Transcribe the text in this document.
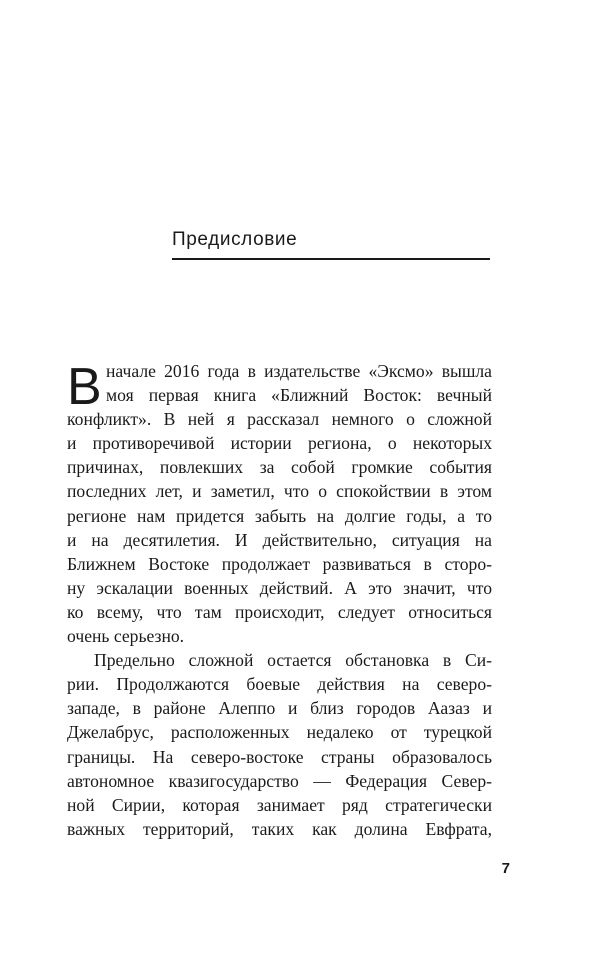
Предисловие
В начале 2016 года в издательстве «Эксмо» вышла
моя первая книга «Ближний Восток: вечный
конфликт». В ней я рассказал немного о сложной
и противоречивой истории региона, о некоторых
причинах, повлекших за собой громкие события
последних лет, и заметил, что о спокойствии в этом
регионе нам придется забыть на долгие годы, а то
и на десятилетия. И действительно, ситуация на
Ближнем Востоке продолжает развиваться в сторо-
ну эскалации военных действий. А это значит, что
ко всему, что там происходит, следует относиться
очень серьезно.
Предельно сложной остается обстановка в Си-
рии. Продолжаются боевые действия на северо-
западе, в районе Алеппо и близ городов Аазаз и
Джелабрус, расположенных недалеко от турецкой
границы. На северо-востоке страны образовалось
автономное квазигосударство — Федерация Север-
ной Сирии, которая занимает ряд стратегически
важных территорий, таких как долина Евфрата,
7
